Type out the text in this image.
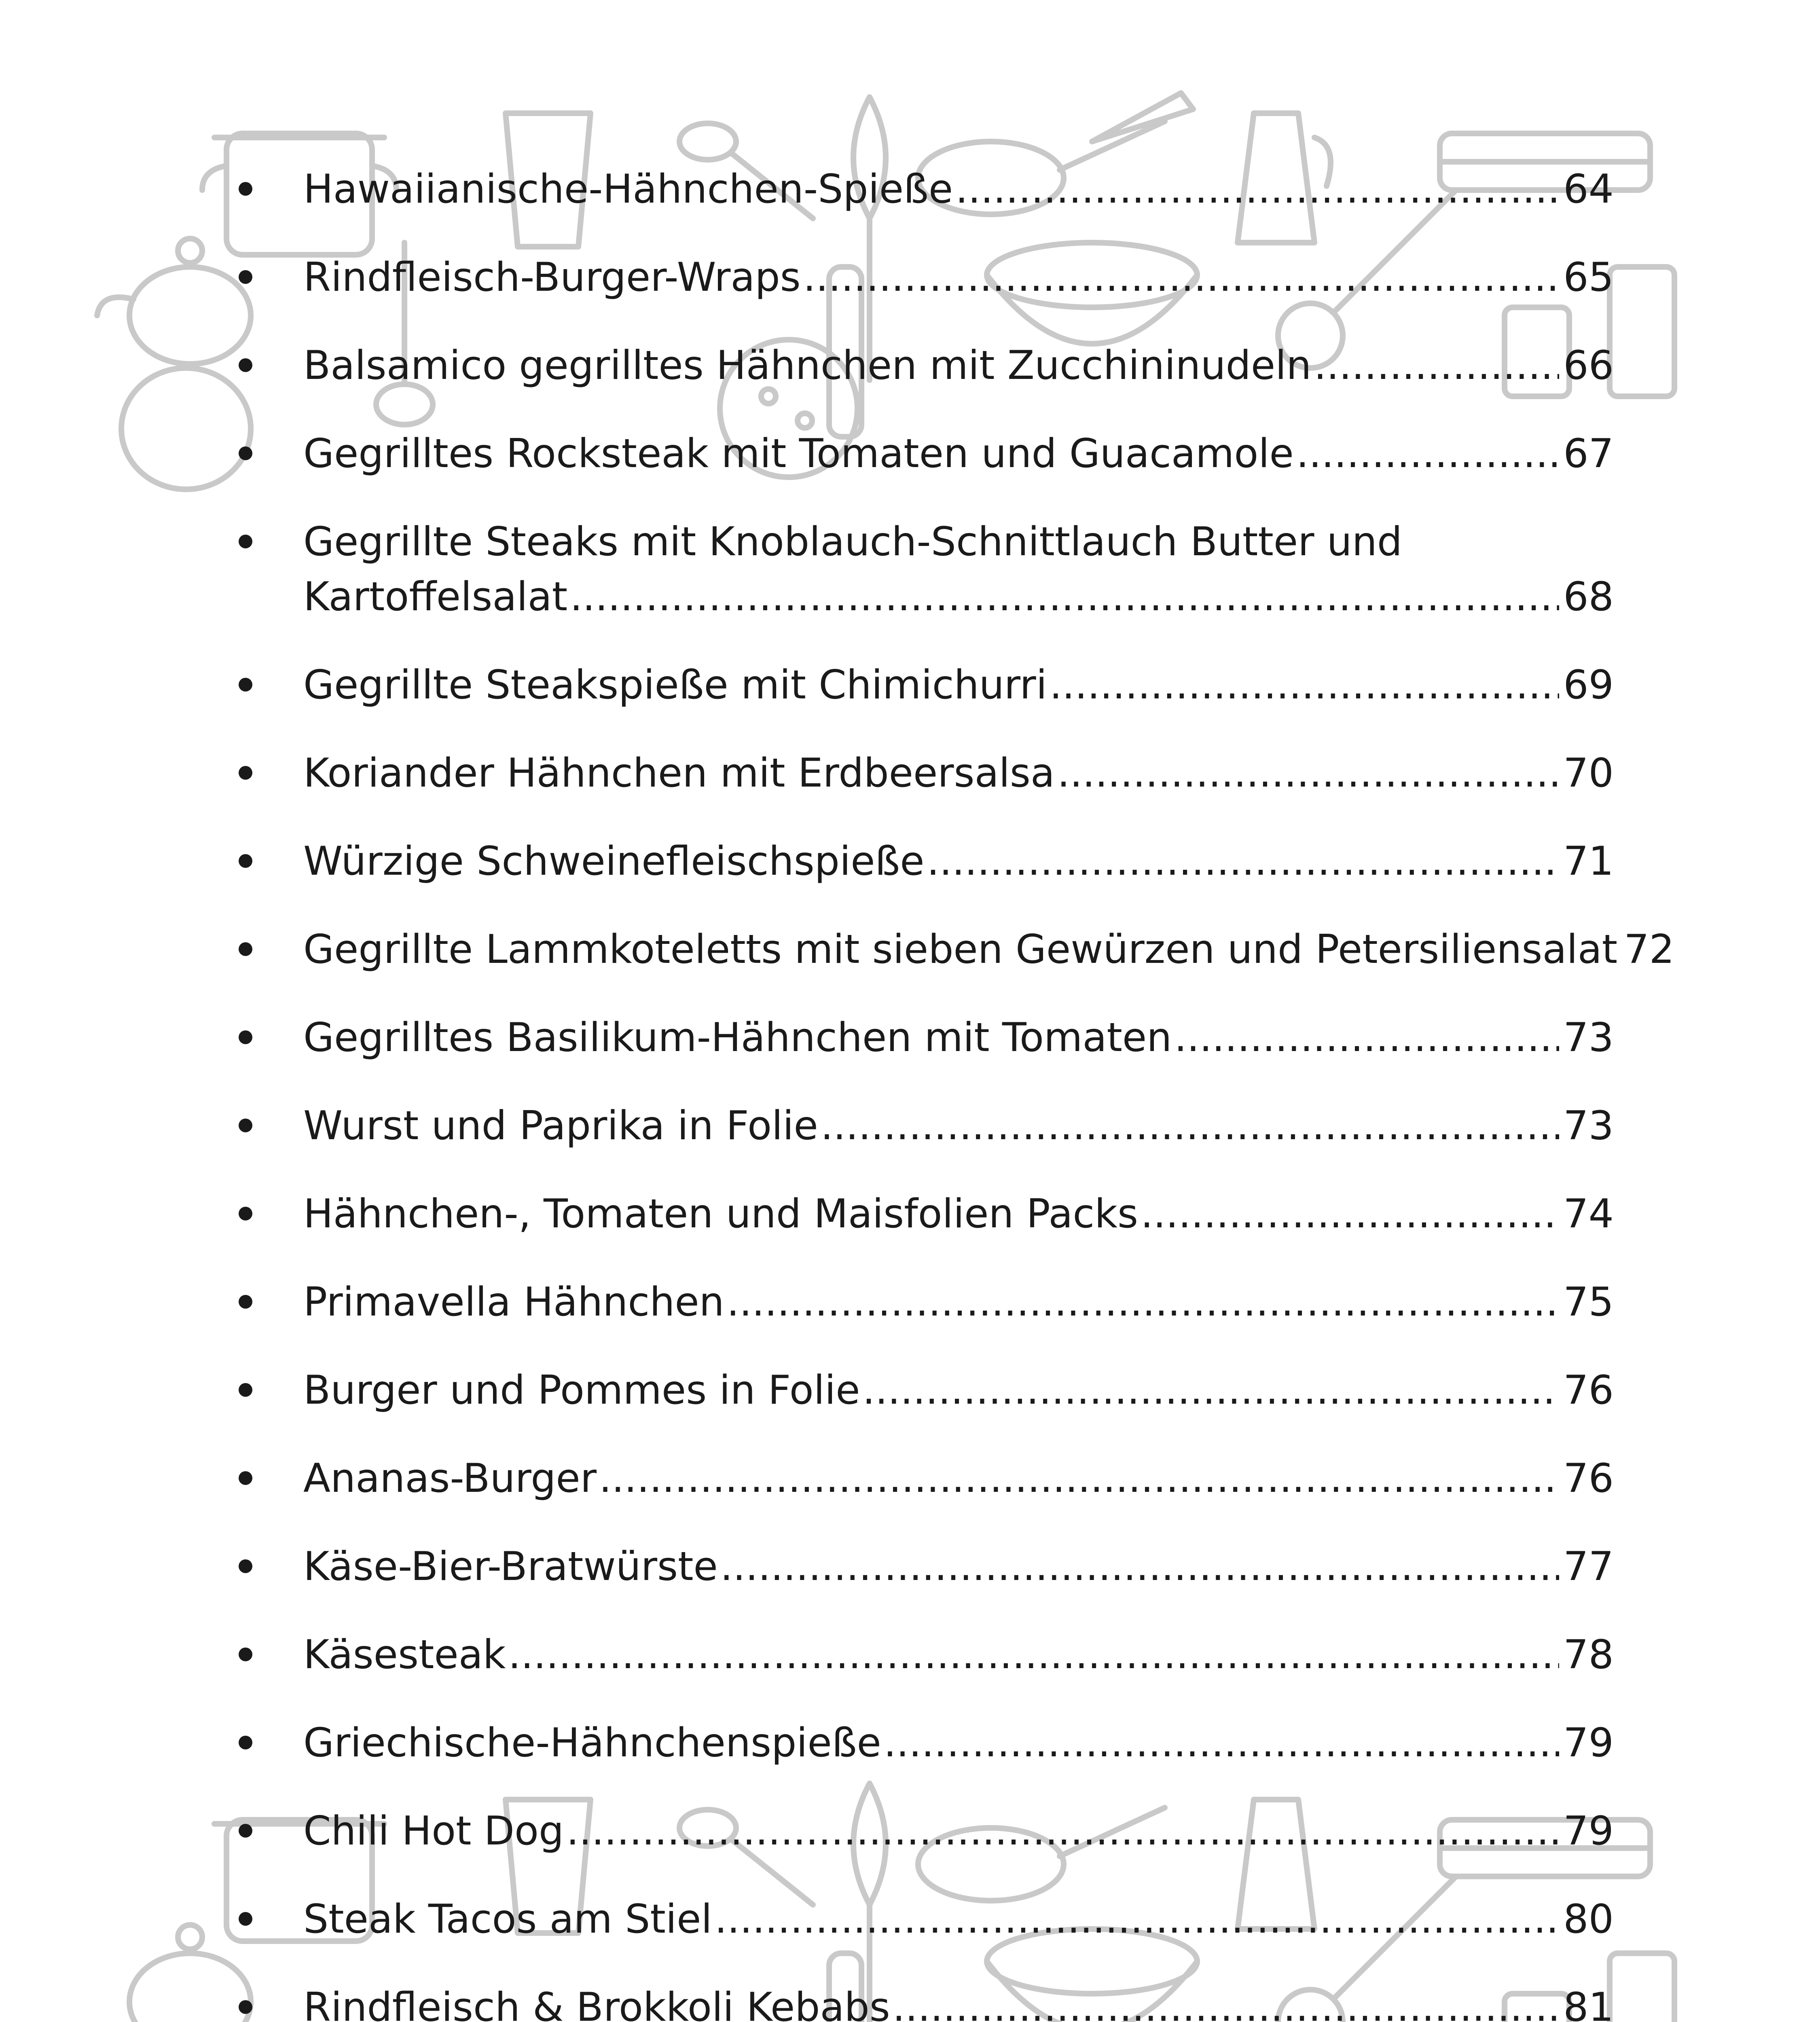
Hawaiianische-Hähnchen-Spieße .....	64
Rindfleisch-Burger-Wraps .....	65
Balsamico gegrilltes Hähnchen mit Zucchininudeln .....	66
Gegrilltes Rocksteak mit Tomaten und Guacamole .....	67
Gegrillte Steaks mit Knoblauch-Schnittlauch Butter und
Kartoffelsalat .....	68
Gegrillte Steakspieße mit Chimichurri .....	69
Koriander Hähnchen mit Erdbeersalsa .....	70
Würzige Schweinefleischspieße .....	71
Gegrillte Lammkoteletts mit sieben Gewürzen und Petersiliensalat 72
Gegrilltes Basilikum-Hähnchen mit Tomaten .....	73
Wurst und Paprika in Folie .....	73
Hähnchen-, Tomaten und Maisfolien Packs .....	74
Primavella Hähnchen .....	75
Burger und Pommes in Folie .....	76
Ananas-Burger .....	76
Käse-Bier-Bratwürste .....	77
Käsesteak .....	78
Griechische-Hähnchenspieße .....	79
Chili Hot Dog .....	79
Steak Tacos am Stiel .....	80
Rindfleisch & Brokkoli Kebabs .....	81
